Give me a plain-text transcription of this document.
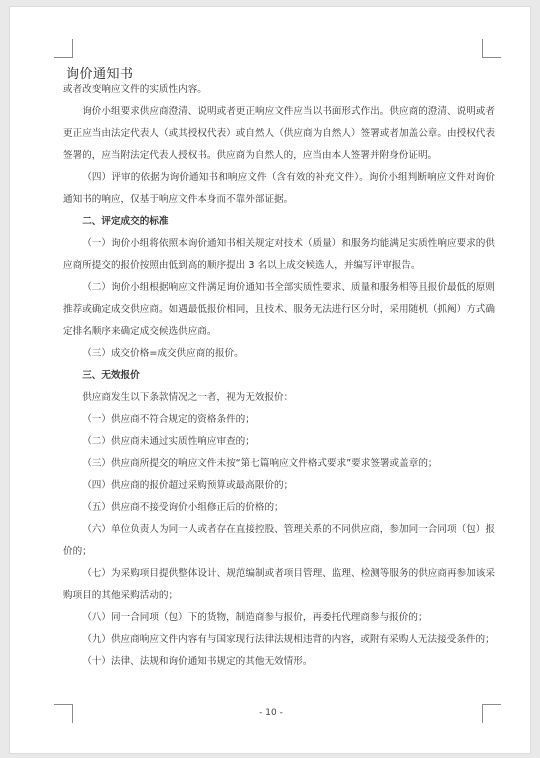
询价通知书

或者改变响应文件的实质性内容。

询价小组要求供应商澄清、说明或者更正响应文件应当以书面形式作出。供应商的澄清、说明或者更正应当由法定代表人（或其授权代表）或自然人（供应商为自然人）签署或者加盖公章。由授权代表签署的，应当附法定代表人授权书。供应商为自然人的，应当由本人签署并附身份证明。

（四）评审的依据为询价通知书和响应文件（含有效的补充文件）。询价小组判断响应文件对询价通知书的响应，仅基于响应文件本身而不靠外部证据。

二、评定成交的标准

（一）询价小组将依照本询价通知书相关规定对技术（质量）和服务均能满足实质性响应要求的供应商所提交的报价按照由低到高的顺序提出 3 名以上成交候选人，并编写评审报告。

（二）询价小组根据响应文件满足询价通知书全部实质性要求、质量和服务相等且报价最低的原则推荐或确定成交供应商。如遇最低报价相同，且技术、服务无法进行区分时，采用随机（抓阄）方式确定排名顺序来确定成交候选供应商。

（三）成交价格=成交供应商的报价。

三、无效报价

供应商发生以下条款情况之一者，视为无效报价：

（一）供应商不符合规定的资格条件的；

（二）供应商未通过实质性响应审查的；

（三）供应商所提交的响应文件未按“第七篇响应文件格式要求”要求签署或盖章的；

（四）供应商的报价超过采购预算或最高限价的；

（五）供应商不接受询价小组修正后的价格的；

（六）单位负责人为同一人或者存在直接控股、管理关系的不同供应商，参加同一合同项（包）报价的；

（七）为采购项目提供整体设计、规范编制或者项目管理、监理、检测等服务的供应商再参加该采购项目的其他采购活动的；

（八）同一合同项（包）下的货物，制造商参与报价，再委托代理商参与报价的；

（九）供应商响应文件内容有与国家现行法律法规相违背的内容，或附有采购人无法接受条件的；

（十）法律、法规和询价通知书规定的其他无效情形。

- 10 -
